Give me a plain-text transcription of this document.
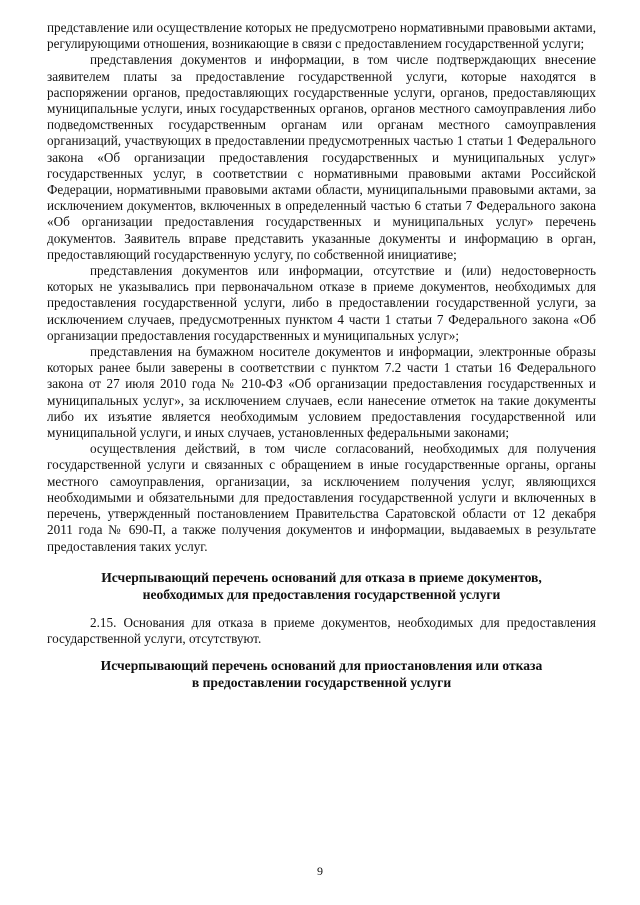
представление или осуществление которых не предусмотрено нормативными правовыми актами, регулирующими отношения, возникающие в связи с предоставлением государственной услуги;

представления документов и информации, в том числе подтверждающих внесение заявителем платы за предоставление государственной услуги, которые находятся в распоряжении органов, предоставляющих государственные услуги, органов, предоставляющих муниципальные услуги, иных государственных органов, органов местного самоуправления либо подведомственных государственным органам или органам местного самоуправления организаций, участвующих в предоставлении предусмотренных частью 1 статьи 1 Федерального закона «Об организации предоставления государственных и муниципальных услуг» государственных услуг, в соответствии с нормативными правовыми актами Российской Федерации, нормативными правовыми актами области, муниципальными правовыми актами, за исключением документов, включенных в определенный частью 6 статьи 7 Федерального закона «Об организации предоставления государственных и муниципальных услуг» перечень документов. Заявитель вправе представить указанные документы и информацию в орган, предоставляющий государственную услугу, по собственной инициативе;

представления документов или информации, отсутствие и (или) недостоверность которых не указывались при первоначальном отказе в приеме документов, необходимых для предоставления государственной услуги, либо в предоставлении государственной услуги, за исключением случаев, предусмотренных пунктом 4 части 1 статьи 7 Федерального закона «Об организации предоставления государственных и муниципальных услуг»;

представления на бумажном носителе документов и информации, электронные образы которых ранее были заверены в соответствии с пунктом 7.2 части 1 статьи 16 Федерального закона от 27 июля 2010 года № 210-ФЗ «Об организации предоставления государственных и муниципальных услуг», за исключением случаев, если нанесение отметок на такие документы либо их изъятие является необходимым условием предоставления государственной или муниципальной услуги, и иных случаев, установленных федеральными законами;

осуществления действий, в том числе согласований, необходимых для получения государственной услуги и связанных с обращением в иные государственные органы, органы местного самоуправления, организации, за исключением получения услуг, являющихся необходимыми и обязательными для предоставления государственной услуги и включенных в перечень, утвержденный постановлением Правительства Саратовской области от 12 декабря 2011 года № 690-П, а также получения документов и информации, выдаваемых в результате предоставления таких услуг.

Исчерпывающий перечень оснований для отказа в приеме документов,
необходимых для предоставления государственной услуги

2.15. Основания для отказа в приеме документов, необходимых для предоставления государственной услуги, отсутствуют.

Исчерпывающий перечень оснований для приостановления или отказа
в предоставлении государственной услуги
9
